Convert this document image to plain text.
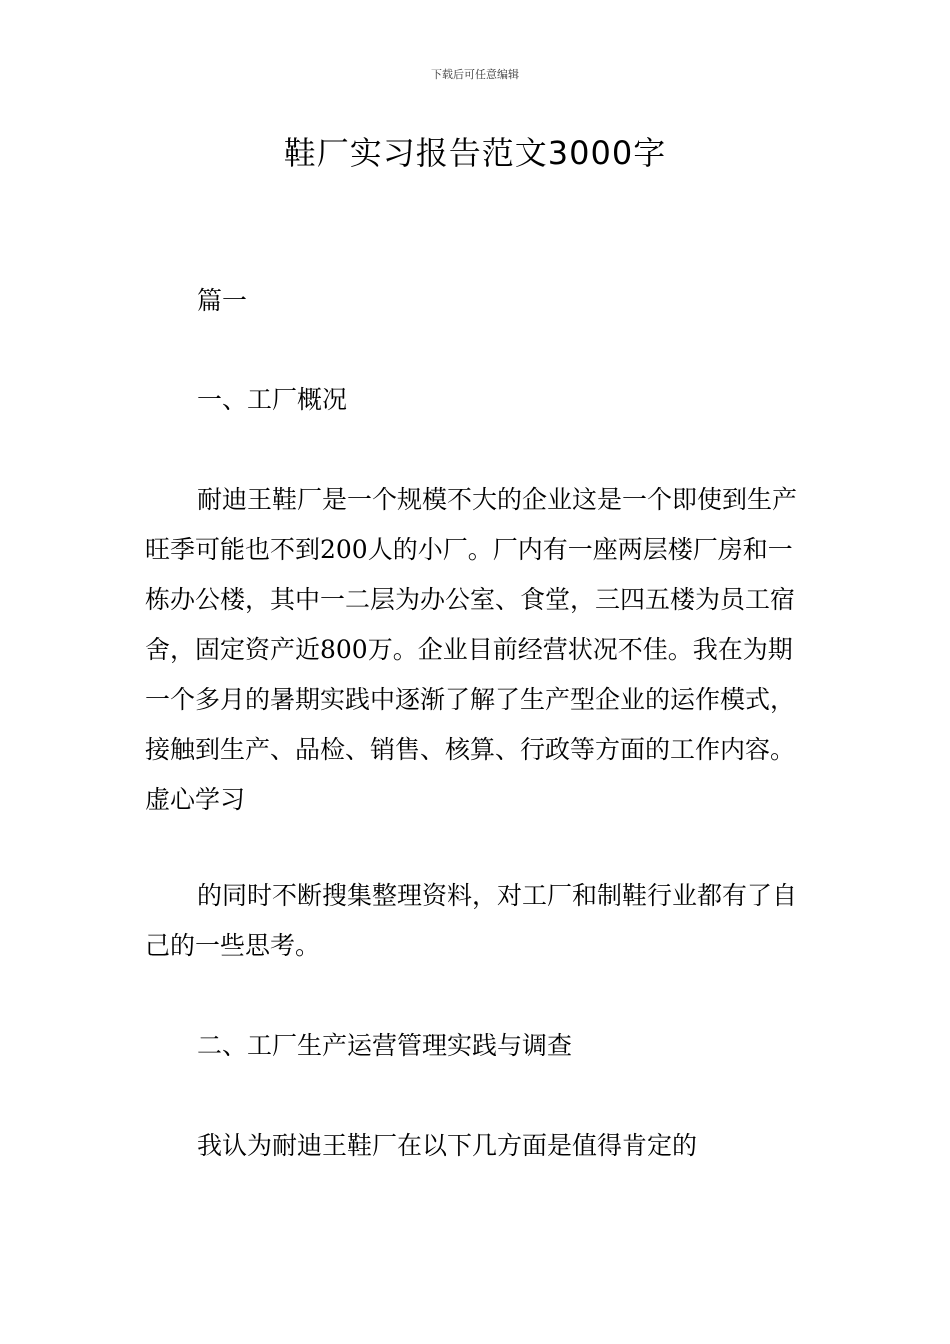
下载后可任意编辑
鞋厂实习报告范文3000字

篇一

一、工厂概况

耐迪王鞋厂是一个规模不大的企业这是一个即使到生产旺季可能也不到200人的小厂。厂内有一座两层楼厂房和一栋办公楼，其中一二层为办公室、食堂，三四五楼为员工宿舍，固定资产近800万。企业目前经营状况不佳。我在为期一个多月的暑期实践中逐渐了解了生产型企业的运作模式，接触到生产、品检、销售、核算、行政等方面的工作内容。虚心学习

的同时不断搜集整理资料，对工厂和制鞋行业都有了自己的一些思考。

二、工厂生产运营管理实践与调查

我认为耐迪王鞋厂在以下几方面是值得肯定的
